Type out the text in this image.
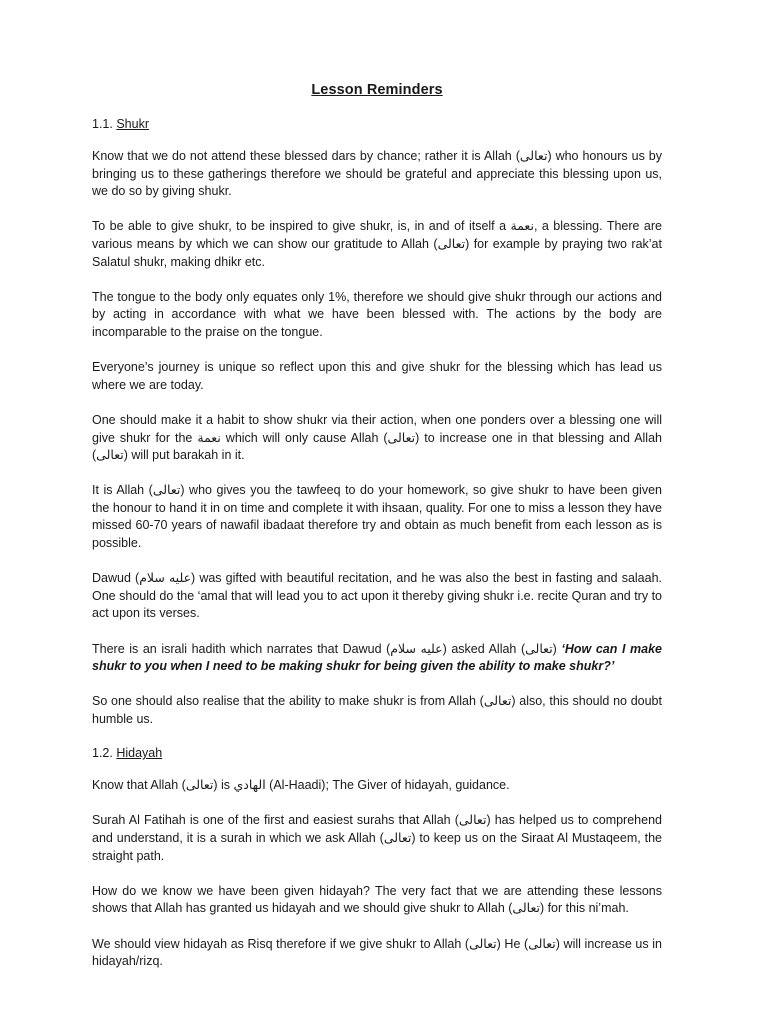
Lesson Reminders
1.1. Shukr

Know that we do not attend these blessed dars by chance; rather it is Allah (تعالى) who honours us by bringing us to these gatherings therefore we should be grateful and appreciate this blessing upon us, we do so by giving shukr.

To be able to give shukr, to be inspired to give shukr, is, in and of itself a نعمة, a blessing. There are various means by which we can show our gratitude to Allah (تعالى) for example by praying two rak’at Salatul shukr, making dhikr etc.

The tongue to the body only equates only 1%, therefore we should give shukr through our actions and by acting in accordance with what we have been blessed with. The actions by the body are incomparable to the praise on the tongue.

Everyone’s journey is unique so reflect upon this and give shukr for the blessing which has lead us where we are today.

One should make it a habit to show shukr via their action, when one ponders over a blessing one will give shukr for the نعمة which will only cause Allah (تعالى) to increase one in that blessing and Allah (تعالى) will put barakah in it.

It is Allah (تعالى) who gives you the tawfeeq to do your homework, so give shukr to have been given the honour to hand it in on time and complete it with ihsaan, quality. For one to miss a lesson they have missed 60-70 years of nawafil ibadaat therefore try and obtain as much benefit from each lesson as is possible.

Dawud (عليه سلام) was gifted with beautiful recitation, and he was also the best in fasting and salaah. One should do the ‘amal that will lead you to act upon it thereby giving shukr i.e. recite Quran and try to act upon its verses.

There is an israli hadith which narrates that Dawud (عليه سلام) asked Allah (تعالى) ‘How can I make shukr to you when I need to be making shukr for being given the ability to make shukr?’

So one should also realise that the ability to make shukr is from Allah (تعالى) also, this should no doubt humble us.

1.2. Hidayah

Know that Allah (تعالى) is الهادي (Al-Haadi); The Giver of hidayah, guidance.

Surah Al Fatihah is one of the first and easiest surahs that Allah (تعالى) has helped us to comprehend and understand, it is a surah in which we ask Allah (تعالى) to keep us on the Siraat Al Mustaqeem, the straight path.

How do we know we have been given hidayah? The very fact that we are attending these lessons shows that Allah has granted us hidayah and we should give shukr to Allah (تعالى) for this ni’mah.

We should view hidayah as Risq therefore if we give shukr to Allah (تعالى) He (تعالى) will increase us in hidayah/rizq.
